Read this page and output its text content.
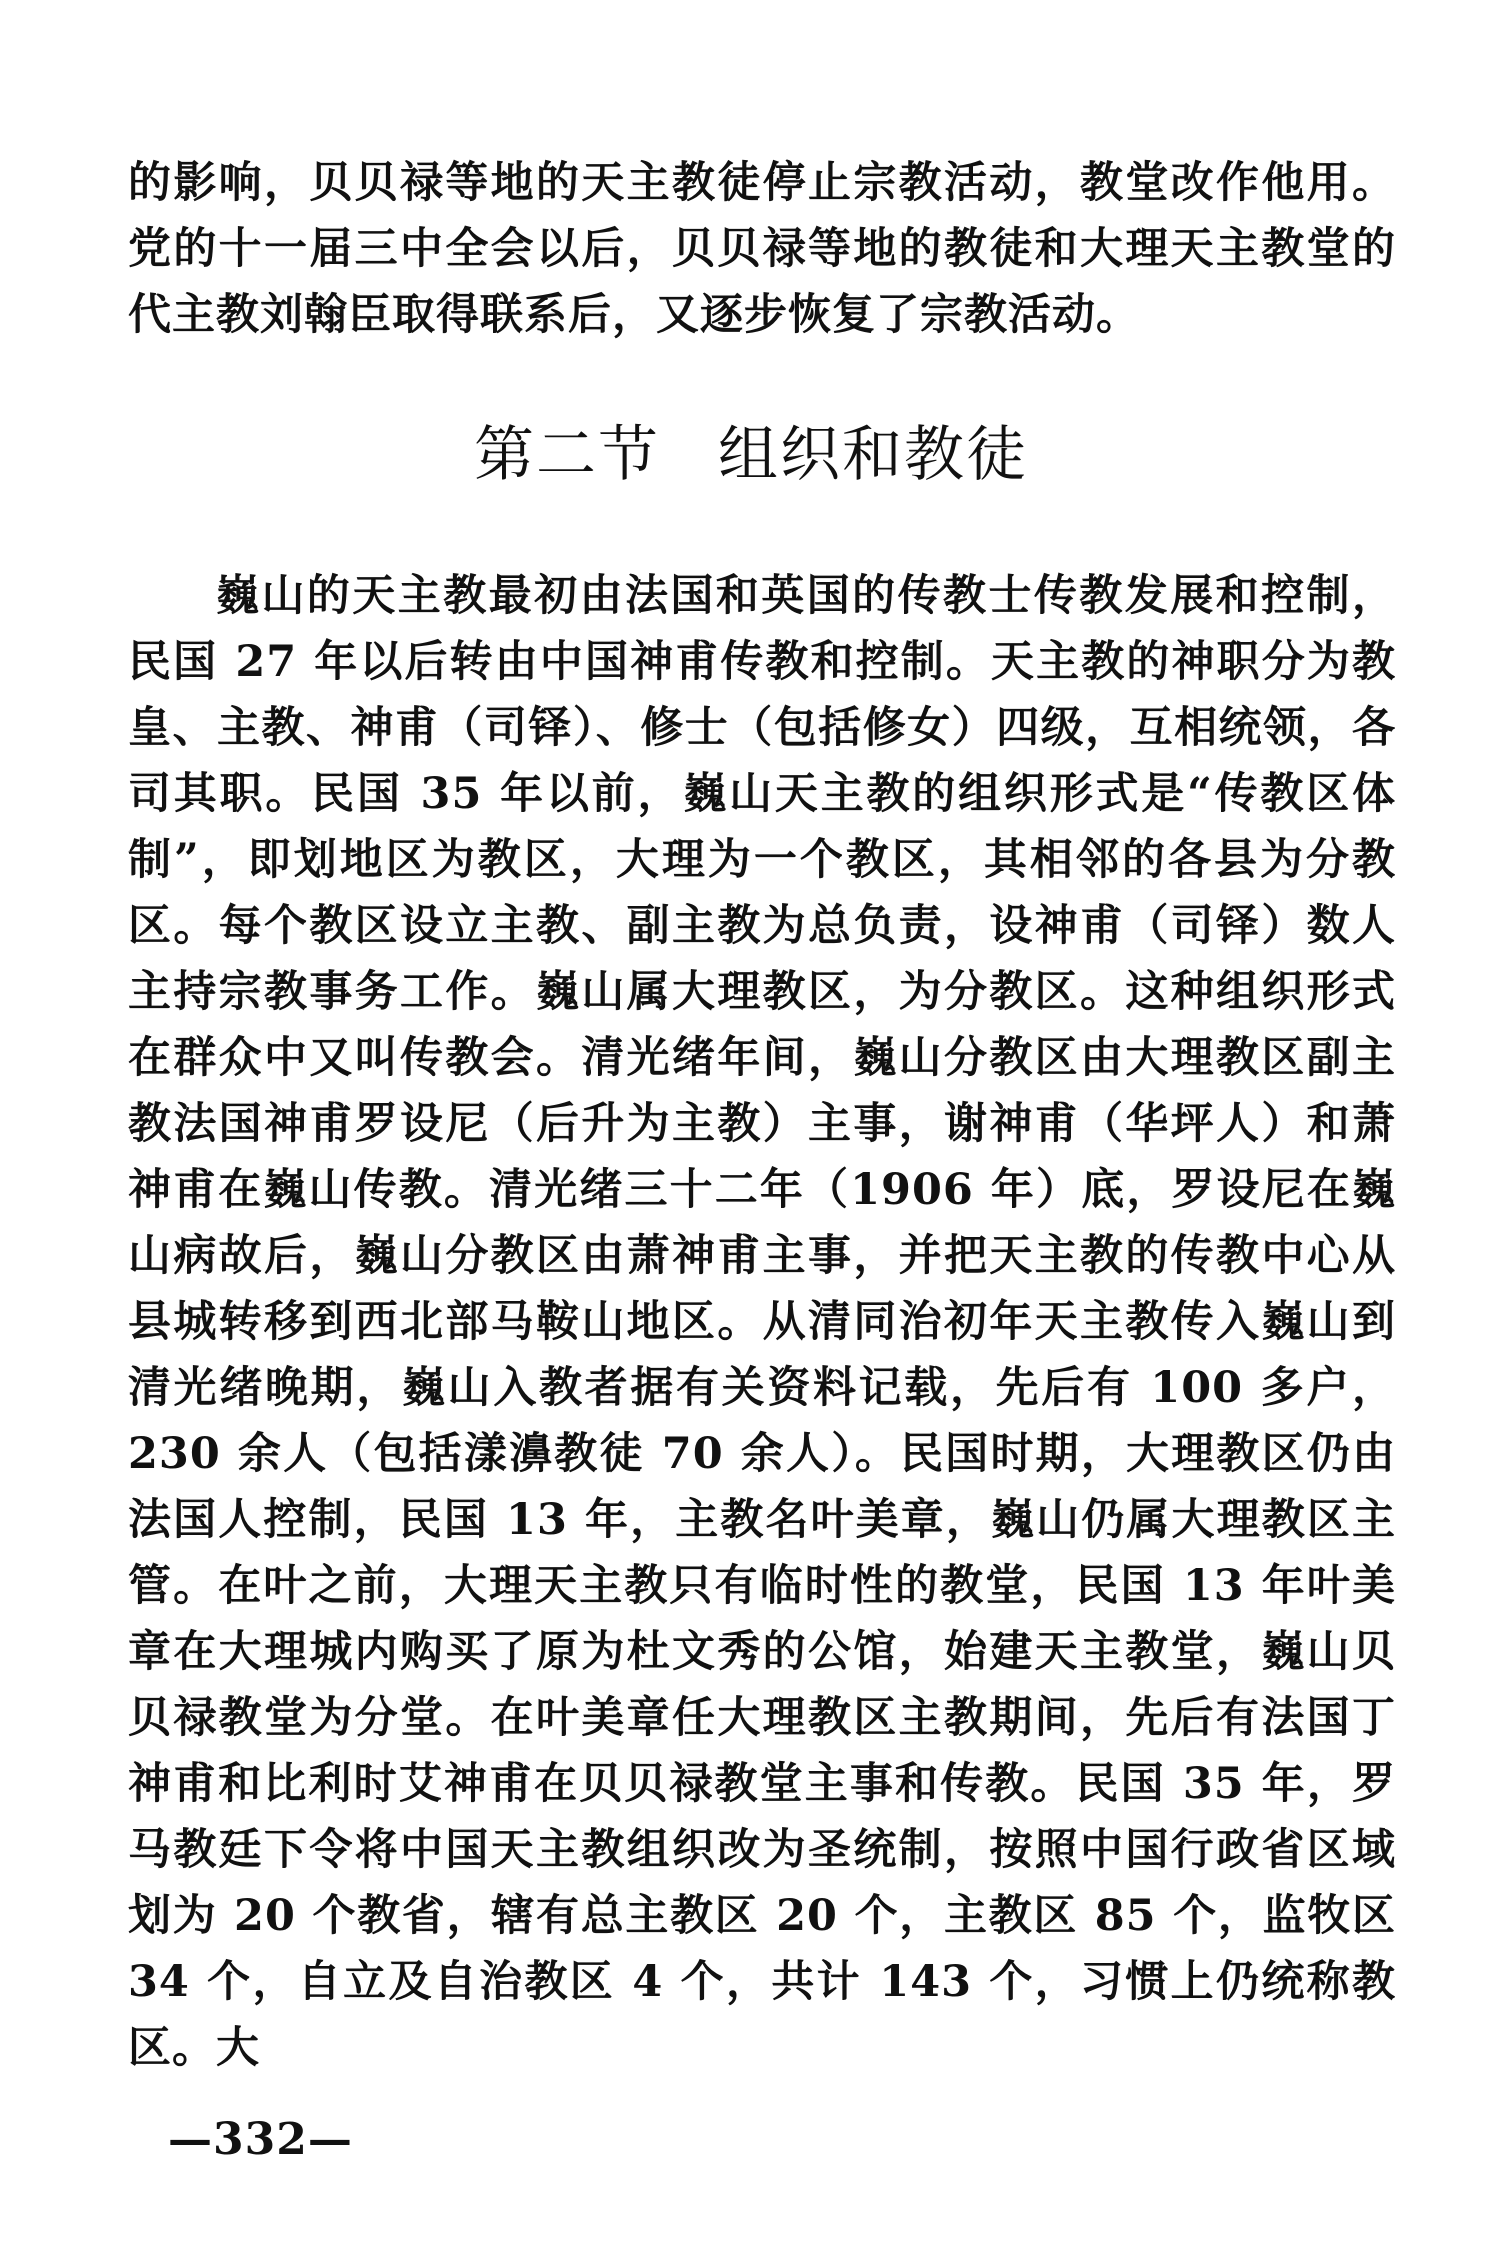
的影响，贝贝禄等地的天主教徒停止宗教活动，教堂改作他用。党的十一届三中全会以后，贝贝禄等地的教徒和大理天主教堂的代主教刘翰臣取得联系后，又逐步恢复了宗教活动。

第二节 组织和教徒

巍山的天主教最初由法国和英国的传教士传教发展和控制，民国 27 年以后转由中国神甫传教和控制。天主教的神职分为教皇、主教、神甫（司铎）、修士（包括修女）四级，互相统领，各司其职。民国 35 年以前，巍山天主教的组织形式是“传教区体制”，即划地区为教区，大理为一个教区，其相邻的各县为分教区。每个教区设立主教、副主教为总负责，设神甫（司铎）数人主持宗教事务工作。巍山属大理教区，为分教区。这种组织形式在群众中又叫传教会。清光绪年间，巍山分教区由大理教区副主教法国神甫罗设尼（后升为主教）主事，谢神甫（华坪人）和萧神甫在巍山传教。清光绪三十二年（1906 年）底，罗设尼在巍山病故后，巍山分教区由萧神甫主事，并把天主教的传教中心从县城转移到西北部马鞍山地区。从清同治初年天主教传入巍山到清光绪晚期，巍山入教者据有关资料记载，先后有 100 多户，230 余人（包括漾濞教徒 70 余人）。民国时期，大理教区仍由法国人控制，民国 13 年，主教名叶美章，巍山仍属大理教区主管。在叶之前，大理天主教只有临时性的教堂，民国 13 年叶美章在大理城内购买了原为杜文秀的公馆，始建天主教堂，巍山贝贝禄教堂为分堂。在叶美章任大理教区主教期间，先后有法国丁神甫和比利时艾神甫在贝贝禄教堂主事和传教。民国 35 年，罗马教廷下令将中国天主教组织改为圣统制，按照中国行政省区域划为 20 个教省，辖有总主教区 20 个，主教区 85 个，监牧区 34 个，自立及自治教区 4 个，共计 143 个，习惯上仍统称教区。大

—332—
